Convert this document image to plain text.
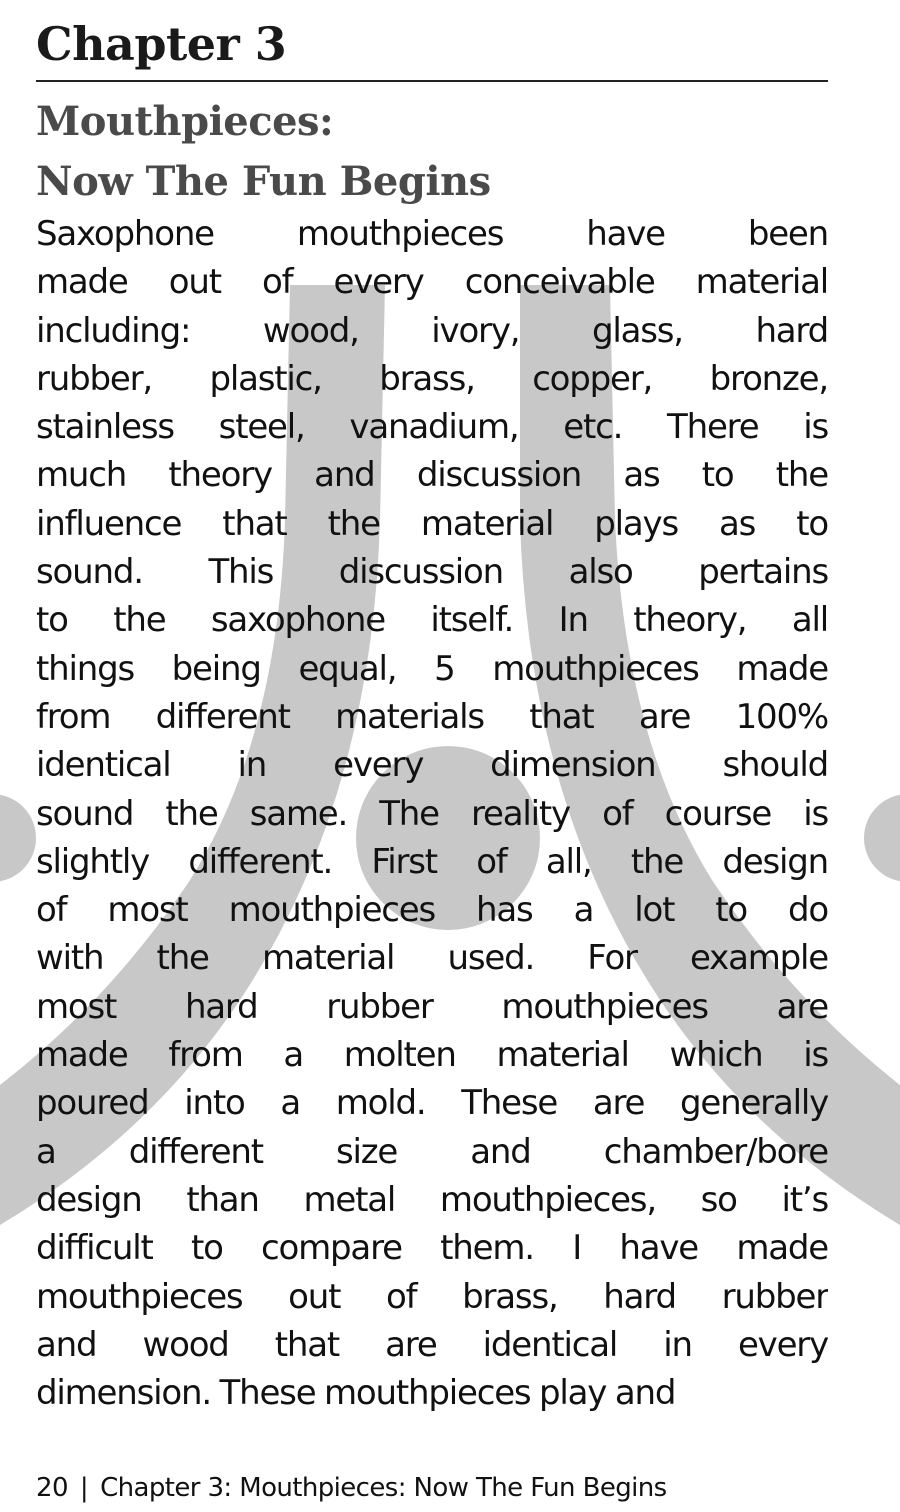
Chapter 3
Mouthpieces:
Now The Fun Begins
Saxophone mouthpieces have been
made out of every conceivable material
including: wood, ivory, glass, hard
rubber, plastic, brass, copper, bronze,
stainless steel, vanadium, etc. There is
much theory and discussion as to the
influence that the material plays as to
sound. This discussion also pertains
to the saxophone itself. In theory, all
things being equal, 5 mouthpieces made
from different materials that are 100%
identical in every dimension should
sound the same. The reality of course is
slightly different. First of all, the design
of most mouthpieces has a lot to do
with the material used. For example
most hard rubber mouthpieces are
made from a molten material which is
poured into a mold. These are generally
a different size and chamber/bore
design than metal mouthpieces, so it’s
difficult to compare them. I have made
mouthpieces out of brass, hard rubber
and wood that are identical in every
dimension. These mouthpieces play and
20 | Chapter 3: Mouthpieces: Now The Fun Begins
